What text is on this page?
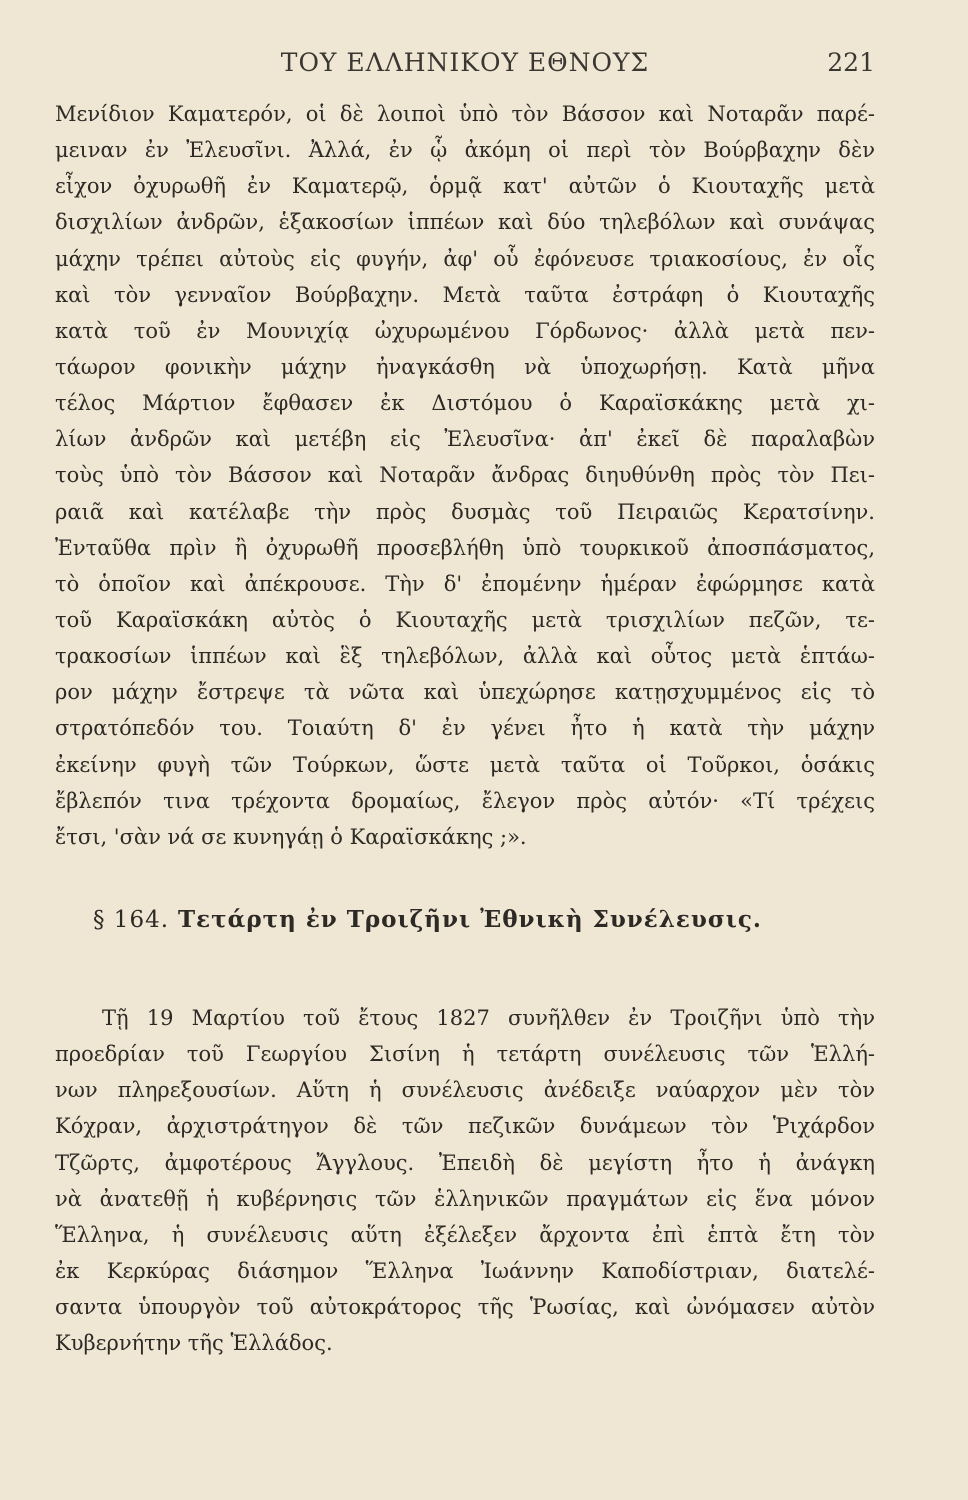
ΤΟΥ ΕΛΛΗΝΙΚΟΥ ΕΘΝΟΥΣ	221
Μενίδιον Καματερόν, οἱ δὲ λοιποὶ ὑπὸ τὸν Βάσσον καὶ Νοταρᾶν παρέ-
μειναν ἐν Ἐλευσῖνι. Ἀλλά, ἐν ᾧ ἀκόμη οἱ περὶ τὸν Βούρβαχην δὲν
εἶχον ὀχυρωθῆ ἐν Καματερῷ, ὁρμᾷ κατ' αὐτῶν ὁ Κιουταχῆς μετὰ
δισχιλίων ἀνδρῶν, ἑξακοσίων ἱππέων καὶ δύο τηλεβόλων καὶ συνάψας
μάχην τρέπει αὐτοὺς εἰς φυγήν, ἀφ' οὗ ἐφόνευσε τριακοσίους, ἐν οἷς
καὶ τὸν γενναῖον Βούρβαχην. Μετὰ ταῦτα ἐστράφη ὁ Κιουταχῆς
κατὰ τοῦ ἐν Μουνιχίᾳ ὠχυρωμένου Γόρδωνος· ἀλλὰ μετὰ πεν-
τάωρον φονικὴν μάχην ἠναγκάσθη νὰ ὑποχωρήσῃ. Κατὰ μῆνα
τέλος Μάρτιον ἔφθασεν ἐκ Διστόμου ὁ Καραϊσκάκης μετὰ χι-
λίων ἀνδρῶν καὶ μετέβη εἰς Ἐλευσῖνα· ἀπ' ἐκεῖ δὲ παραλαβὼν
τοὺς ὑπὸ τὸν Βάσσον καὶ Νοταρᾶν ἄνδρας διηυθύνθη πρὸς τὸν Πει-
ραιᾶ καὶ κατέλαβε τὴν πρὸς δυσμὰς τοῦ Πειραιῶς Κερατσίνην.
Ἐνταῦθα πρὶν ἢ ὀχυρωθῆ προσεβλήθη ὑπὸ τουρκικοῦ ἀποσπάσματος,
τὸ ὁποῖον καὶ ἀπέκρουσε. Τὴν δ' ἐπομένην ἡμέραν ἐφώρμησε κατὰ
τοῦ Καραϊσκάκη αὐτὸς ὁ Κιουταχῆς μετὰ τρισχιλίων πεζῶν, τε-
τρακοσίων ἱππέων καὶ ἓξ τηλεβόλων, ἀλλὰ καὶ οὗτος μετὰ ἑπτάω-
ρον μάχην ἔστρεψε τὰ νῶτα καὶ ὑπεχώρησε κατῃσχυμμένος εἰς τὸ
στρατόπεδόν του. Τοιαύτη δ' ἐν γένει ἦτο ἡ κατὰ τὴν μάχην
ἐκείνην φυγὴ τῶν Τούρκων, ὥστε μετὰ ταῦτα οἱ Τοῦρκοι, ὁσάκις
ἔβλεπόν τινα τρέχοντα δρομαίως, ἔλεγον πρὸς αὐτόν· «Τί τρέχεις
ἔτσι, 'σὰν νά σε κυνηγάῃ ὁ Καραϊσκάκης ;».
§ 164. Τετάρτη ἐν Τροιζῆνι Ἐθνικὴ Συνέλευσις.
Τῇ 19 Μαρτίου τοῦ ἔτους 1827 συνῆλθεν ἐν Τροιζῆνι ὑπὸ τὴν
προεδρίαν τοῦ Γεωργίου Σισίνη ἡ τετάρτη συνέλευσις τῶν Ἑλλή-
νων πληρεξουσίων. Αὕτη ἡ συνέλευσις ἀνέδειξε ναύαρχον μὲν τὸν
Κόχραν, ἀρχιστράτηγον δὲ τῶν πεζικῶν δυνάμεων τὸν Ῥιχάρδον
Τζῶρτς, ἀμφοτέρους Ἄγγλους. Ἐπειδὴ δὲ μεγίστη ἦτο ἡ ἀνάγκη
νὰ ἀνατεθῇ ἡ κυβέρνησις τῶν ἑλληνικῶν πραγμάτων εἰς ἕνα μόνον
Ἕλληνα, ἡ συνέλευσις αὕτη ἐξέλεξεν ἄρχοντα ἐπὶ ἑπτὰ ἔτη τὸν
ἐκ Κερκύρας διάσημον Ἕλληνα Ἰωάννην Καποδίστριαν, διατελέ-
σαντα ὑπουργὸν τοῦ αὐτοκράτορος τῆς Ῥωσίας, καὶ ὠνόμασεν αὐτὸν
Κυβερνήτην τῆς Ἑλλάδος.
